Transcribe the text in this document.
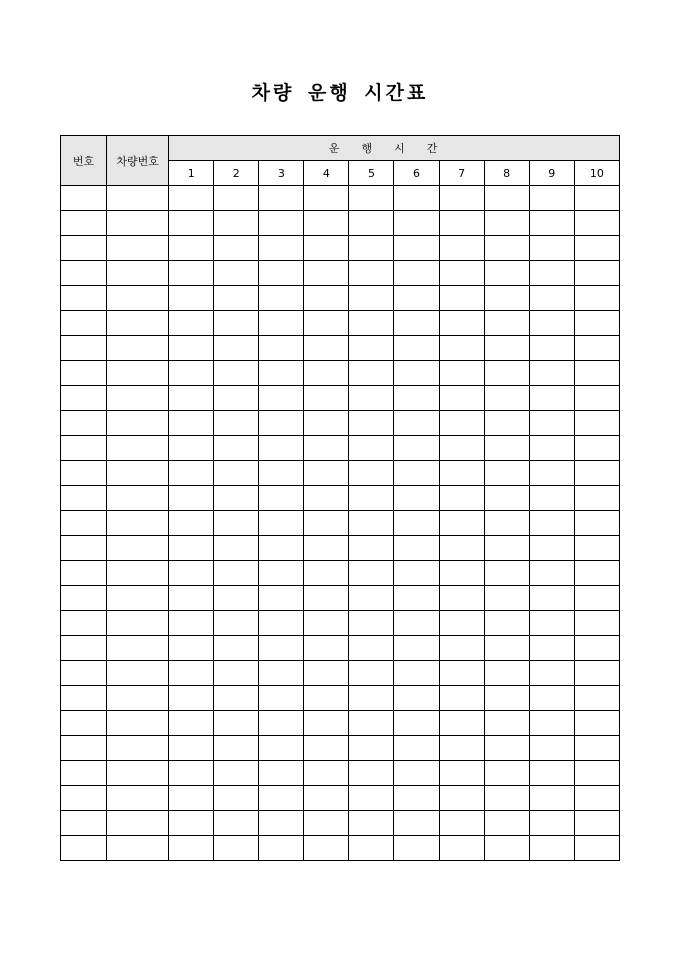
차량 운행 시간표
번호	차량번호	운행시간									
		1	2	3	4	5	6	7	8	9	10
